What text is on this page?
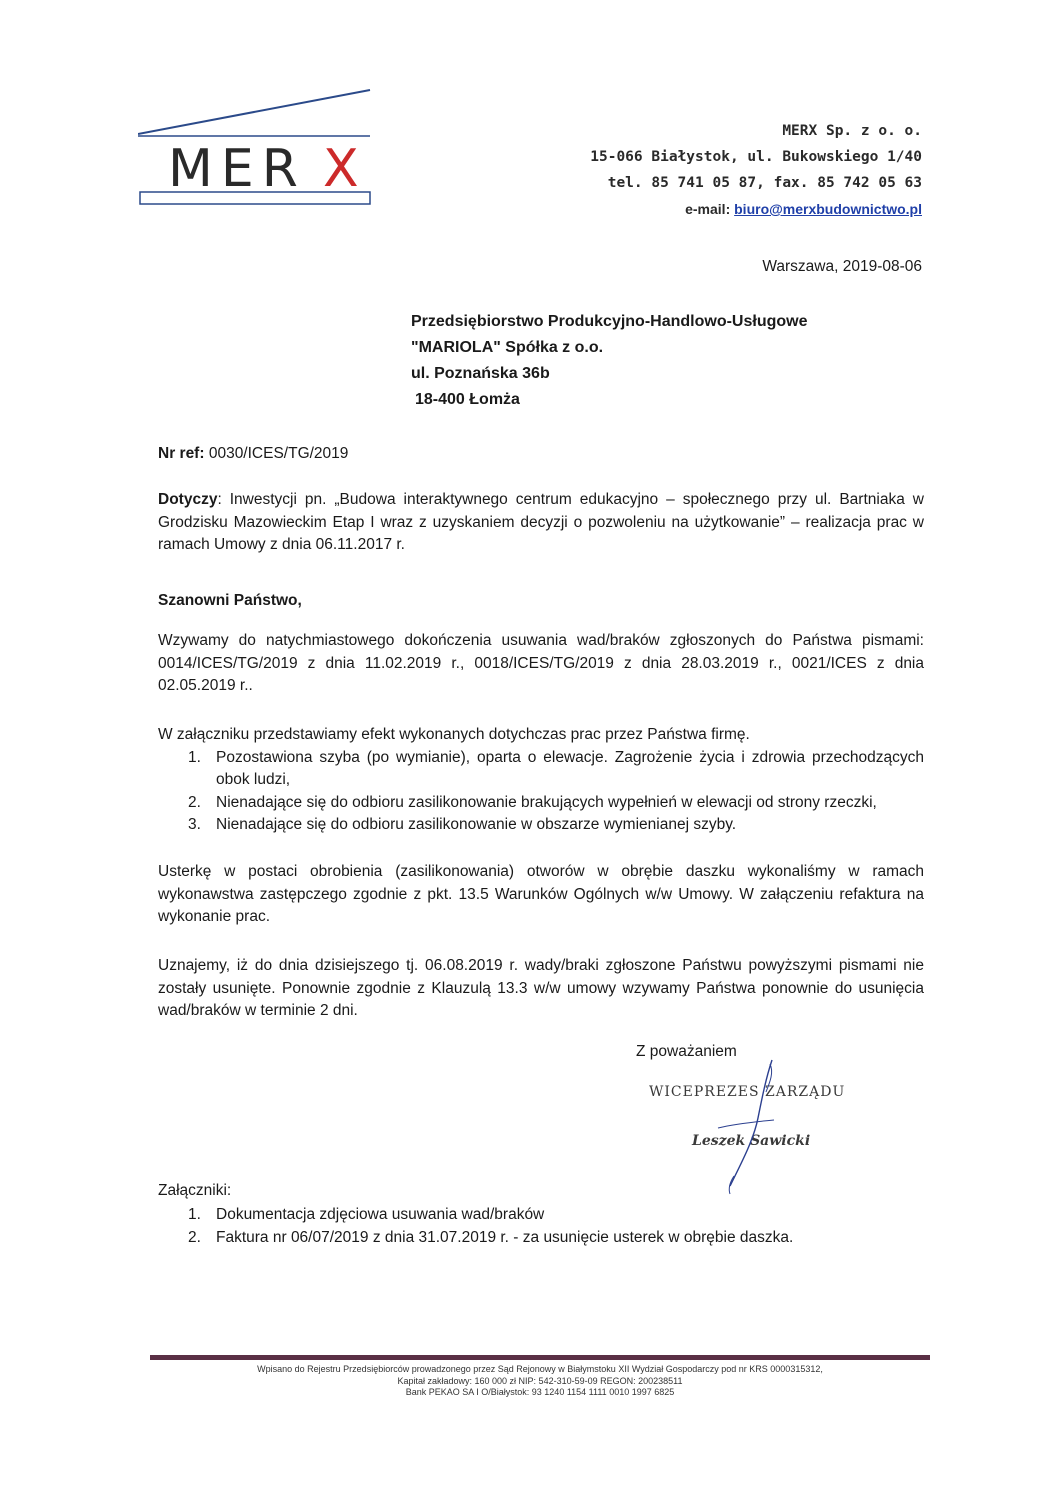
MER X
MERX Sp. z o. o.
15-066 Białystok, ul. Bukowskiego 1/40
tel. 85 741 05 87, fax. 85 742 05 63
e-mail: biuro@merxbudownictwo.pl
Warszawa, 2019-08-06
Przedsiębiorstwo Produkcyjno-Handlowo-Usługowe
"MARIOLA" Spółka z o.o.
ul. Poznańska 36b
18-400 Łomża
Nr ref: 0030/ICES/TG/2019
Dotyczy: Inwestycji pn. „Budowa interaktywnego centrum edukacyjno – społecznego przy ul. Bartniaka w Grodzisku Mazowieckim Etap I wraz z uzyskaniem decyzji o pozwoleniu na użytkowanie” – realizacja prac w ramach Umowy z dnia 06.11.2017 r.
Szanowni Państwo,
Wzywamy do natychmiastowego dokończenia usuwania wad/braków zgłoszonych do Państwa pismami: 0014/ICES/TG/2019 z dnia 11.02.2019 r., 0018/ICES/TG/2019 z dnia 28.03.2019 r., 0021/ICES z dnia 02.05.2019 r..
W załączniku przedstawiamy efekt wykonanych dotychczas prac przez Państwa firmę.
1. Pozostawiona szyba (po wymianie), oparta o elewacje. Zagrożenie życia i zdrowia przechodzących obok ludzi,
2. Nienadające się do odbioru zasilikonowanie brakujących wypełnień w elewacji od strony rzeczki,
3. Nienadające się do odbioru zasilikonowanie w obszarze wymienianej szyby.
Usterkę w postaci obrobienia (zasilikonowania) otworów w obrębie daszku wykonaliśmy w ramach wykonawstwa zastępczego zgodnie z pkt. 13.5 Warunków Ogólnych w/w Umowy. W załączeniu refaktura na wykonanie prac.
Uznajemy, iż do dnia dzisiejszego tj. 06.08.2019 r. wady/braki zgłoszone Państwu powyższymi pismami nie zostały usunięte. Ponownie zgodnie z Klauzulą 13.3 w/w umowy wzywamy Państwa ponownie do usunięcia wad/braków w terminie 2 dni.
Z poważaniem
WICEPREZES ZARZĄDU
Leszek Sawicki
Załączniki:
1. Dokumentacja zdjęciowa usuwania wad/braków
2. Faktura nr 06/07/2019 z dnia 31.07.2019 r. - za usunięcie usterek w obrębie daszka.
Wpisano do Rejestru Przedsiębiorców prowadzonego przez Sąd Rejonowy w Białymstoku XII Wydział Gospodarczy pod nr KRS 0000315312,
Kapitał zakładowy: 160 000 zł NIP: 542-310-59-09 REGON: 200238511
Bank PEKAO SA I O/Białystok: 93 1240 1154 1111 0010 1997 6825
